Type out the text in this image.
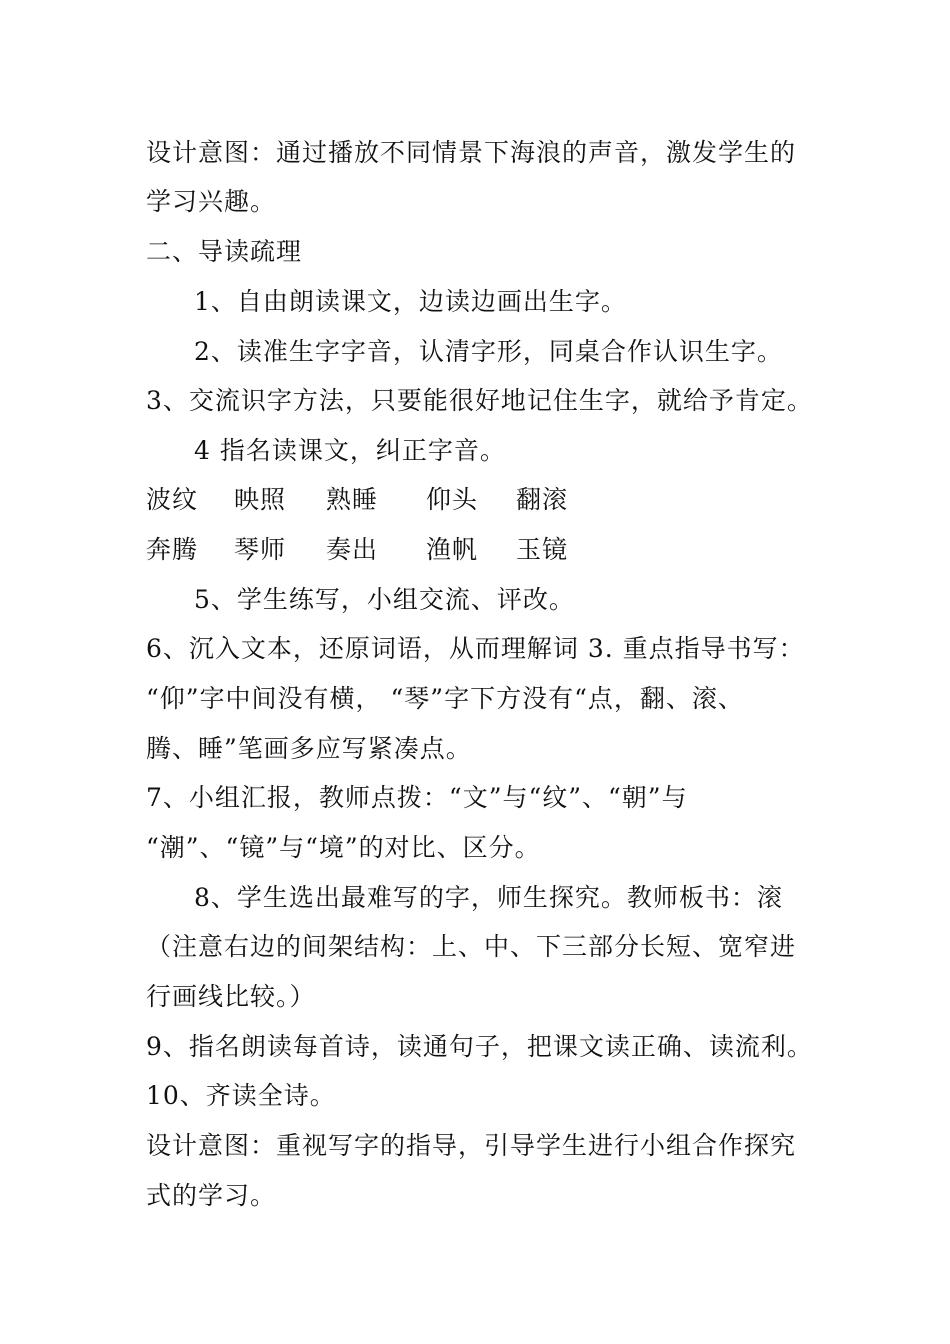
设计意图：通过播放不同情景下海浪的声音，激发学生的
学习兴趣。
二、导读疏理
1、自由朗读课文，边读边画出生字。
2、读准生字字音，认清字形，同桌合作认识生字。
3、交流识字方法，只要能很好地记住生字，就给予肯定。
4 指名读课文，纠正字音。
波纹 映照 熟睡 仰头 翻滚
奔腾 琴师 奏出 渔帆 玉镜
5、学生练写，小组交流、评改。
6、沉入文本，还原词语，从而理解词 3. 重点指导书写：
“仰”字中间没有横， “琴”字下方没有“点，翻、滚、
腾、睡”笔画多应写紧凑点。
7、小组汇报，教师点拨：“文”与“纹”、“朝”与
“潮”、“镜”与“境”的对比、区分。
8、学生选出最难写的字，师生探究。教师板书：滚
（注意右边的间架结构：上、中、下三部分长短、宽窄进
行画线比较。）
9、指名朗读每首诗，读通句子，把课文读正确、读流利。
10、齐读全诗。
设计意图：重视写字的指导，引导学生进行小组合作探究
式的学习。
